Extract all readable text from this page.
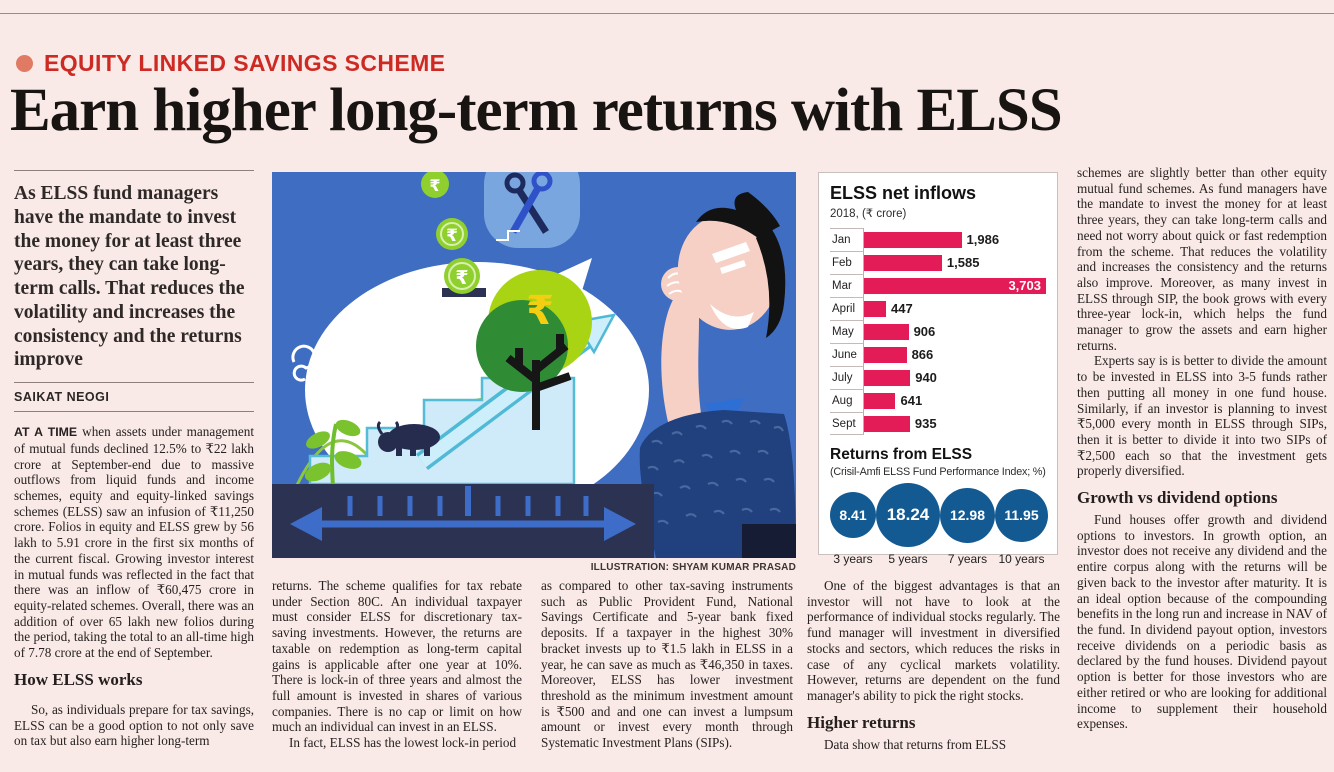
EQUITY LINKED SAVINGS SCHEME
Earn higher long-term returns with ELSS
As ELSS fund managers have the mandate to invest the money for at least three years, they can take long-term calls. That reduces the volatility and increases the consistency and the returns improve
SAIKAT NEOGI
AT A TIME when assets under management of mutual funds declined 12.5% to ₹22 lakh crore at September-end due to massive outflows from liquid funds and income schemes, equity and equity-linked savings schemes (ELSS) saw an infusion of ₹11,250 crore. Folios in equity and ELSS grew by 56 lakh to 5.91 crore in the first six months of the current fiscal. Growing investor interest in mutual funds was reflected in the fact that there was an inflow of ₹60,475 crore in equity-related schemes. Overall, there was an addition of over 65 lakh new folios during the period, taking the total to an all-time high of 7.78 crore at the end of September.
How ELSS works

So, as individuals prepare for tax savings, ELSS can be a good option to not only save on tax but also earn higher long-term

₹
₹
₹
₹
ILLUSTRATION: SHYAM KUMAR PRASAD
ELSS net inflows
2018, (₹ crore)
Jan	1,986
Feb	1,585
Mar	3,703
April	447
May	906
June	866
July	940
Aug	641
Sept	935
Returns from ELSS
(Crisil-Amfi ELSS Fund Performance Index; %)
8.41
3 years
18.24
5 years
12.98
7 years
11.95
10 years

schemes are slightly better than other equity mutual fund schemes. As fund managers have the mandate to invest the money for at least three years, they can take long-term calls and need not worry about quick or fast redemption from the scheme. That reduces the volatility and increases the consistency and the returns also improve. Moreover, as many invest in ELSS through SIP, the book grows with every three-year lock-in, which helps the fund manager to grow the assets and earn higher returns.

Experts say is is better to divide the amount to be invested in ELSS into 3-5 funds rather then putting all money in one fund house. Similarly, if an investor is planning to invest ₹5,000 every month in ELSS through SIPs, then it is better to divide it into two SIPs of ₹2,500 each so that the investment gets properly diversified.

Growth vs dividend options

Fund houses offer growth and dividend options to investors. In growth option, an investor does not receive any dividend and the entire corpus along with the returns will be given back to the investor after maturity. It is an ideal option because of the compounding benefits in the long run and increase in NAV of the fund. In dividend payout option, investors receive dividends on a periodic basis as declared by the fund houses. Dividend payout option is better for those investors who are either retired or who are looking for additional income to supplement their household expenses.

returns. The scheme qualifies for tax rebate under Section 80C. An individual taxpayer must consider ELSS for discretionary tax-saving investments. However, the returns are taxable on redemption as long-term capital gains is applicable after one year at 10%. There is lock-in of three years and almost the full amount is invested in shares of various companies. There is no cap or limit on how much an individual can invest in an ELSS.

In fact, ELSS has the lowest lock-in period

as compared to other tax-saving instruments such as Public Provident Fund, National Savings Certificate and 5-year bank fixed deposits. If a taxpayer in the highest 30% bracket invests up to ₹1.5 lakh in ELSS in a year, he can save as much as ₹46,350 in taxes. Moreover, ELSS has lower investment threshold as the minimum investment amount is ₹500 and and one can invest a lumpsum amount or invest every month through Systematic Investment Plans (SIPs).

One of the biggest advantages is that an investor will not have to look at the performance of individual stocks regularly. The fund manager will investment in diversified stocks and sectors, which reduces the risks in case of any cyclical markets volatility. However, returns are dependent on the fund manager's ability to pick the right stocks.

Higher returns

Data show that returns from ELSS
